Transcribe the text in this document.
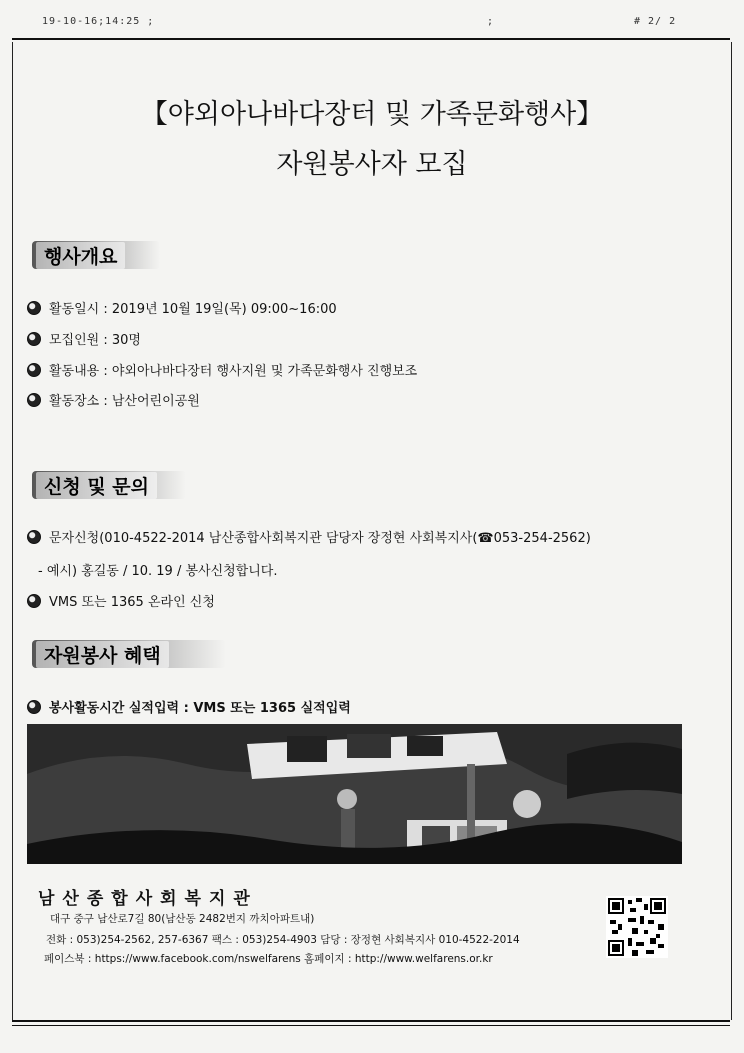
19-10-16;14:25 ;	;	# 2/ 2
【야외아나바다장터 및 가족문화행사】
자원봉사자 모집
행사개요
활동일시 : 2019년 10월 19일(목) 09:00~16:00
모집인원 : 30명
활동내용 : 야외아나바다장터 행사지원 및 가족문화행사 진행보조
활동장소 : 남산어린이공원
신청 및 문의
문자신청(010-4522-2014 남산종합사회복지관 담당자 장정현 사회복지사(☎053-254-2562)
- 예시) 홍길동 / 10. 19 / 봉사신청합니다.
VMS 또는 1365 온라인 신청
자원봉사 혜택
봉사활동시간 실적입력 : VMS 또는 1365 실적입력
남산종합사회복지관
대구 중구 남산로7길 80(남산동 2482번지 까치아파트내)
전화 : 053)254-2562, 257-6367 팩스 : 053)254-4903 담당 : 장정현 사회복지사 010-4522-2014
페이스북 : https://www.facebook.com/nswelfarens 홈페이지 : http://www.welfarens.or.kr
